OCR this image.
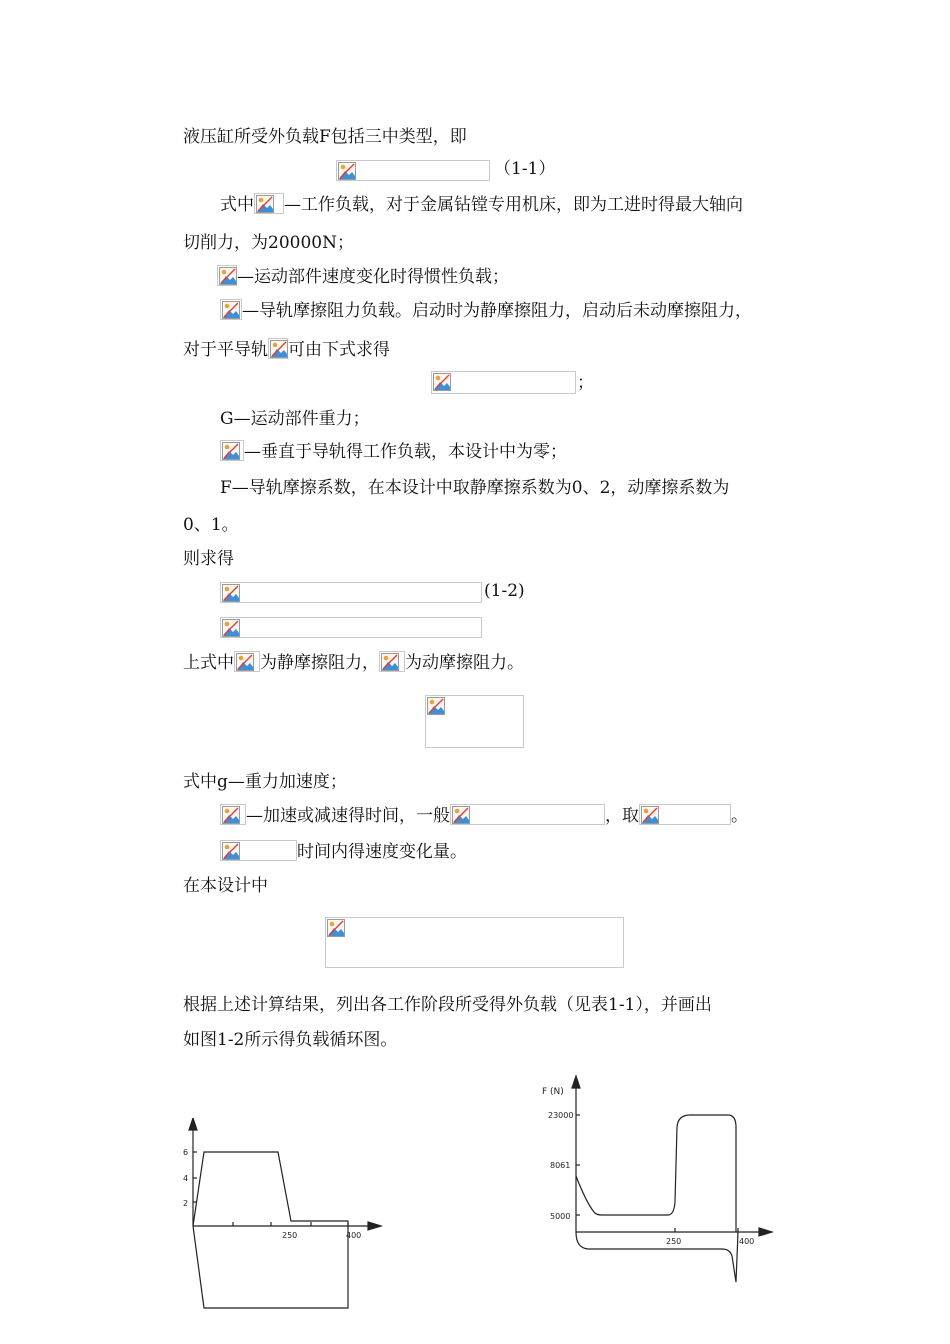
液压缸所受外负载F包括三中类型，即
（1-1）
式中 —工作负载，对于金属钻镗专用机床，即为工进时得最大轴向
切削力，为20000N；
—运动部件速度变化时得惯性负载；
—导轨摩擦阻力负载。启动时为静摩擦阻力，启动后未动摩擦阻力，
对于平导轨 可由下式求得
；
G—运动部件重力；
—垂直于导轨得工作负载，本设计中为零；
F—导轨摩擦系数，在本设计中取静摩擦系数为0、2，动摩擦系数为
0、1。
则求得
(1-2)
上式中 为静摩擦阻力， 为动摩擦阻力。
式中g—重力加速度；
—加速或减速得时间，一般	，取	。
时间内得速度变化量。
在本设计中
根据上述计算结果，列出各工作阶段所受得外负载（见表1-1），并画出
如图1-2所示得负载循环图。
6
4
2
250	400
F (N)
23000
8061
5000
250	400
